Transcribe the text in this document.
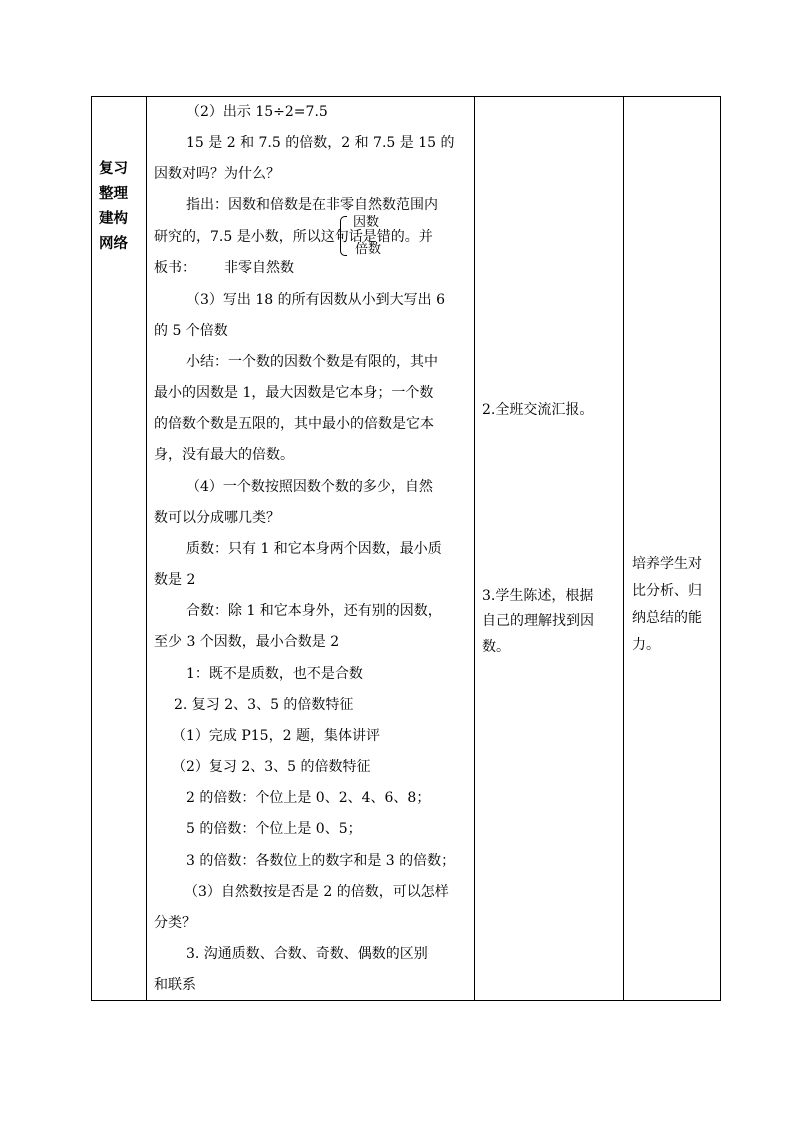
复习
整理
建构
网络
（2）出示 15÷2=7.5
15 是 2 和 7.5 的倍数，2 和 7.5 是 15 的
因数对吗？为什么？
指出：因数和倍数是在非零自然数范围内
研究的，7.5 是小数，所以这句话是错的。并
因数
倍数
板书： 非零自然数
（3）写出 18 的所有因数从小到大写出 6
的 5 个倍数
小结：一个数的因数个数是有限的，其中
最小的因数是 1，最大因数是它本身；一个数
的倍数个数是五限的，其中最小的倍数是它本
身，没有最大的倍数。
（4）一个数按照因数个数的多少，自然
数可以分成哪几类？
质数：只有 1 和它本身两个因数，最小质
数是 2
合数：除 1 和它本身外，还有别的因数，
至少 3 个因数，最小合数是 2
1：既不是质数，也不是合数
2. 复习 2、3、5 的倍数特征
（1）完成 P15，2 题，集体讲评
（2）复习 2、3、5 的倍数特征
2 的倍数：个位上是 0、2、4、6、8；
5 的倍数：个位上是 0、5；
3 的倍数：各数位上的数字和是 3 的倍数；
（3）自然数按是否是 2 的倍数，可以怎样
分类？
3. 沟通质数、合数、奇数、偶数的区别
和联系
2.全班交流汇报。
3.学生陈述，根据
自己的理解找到因
数。
培养学生对
比分析、归
纳总结的能
力。
